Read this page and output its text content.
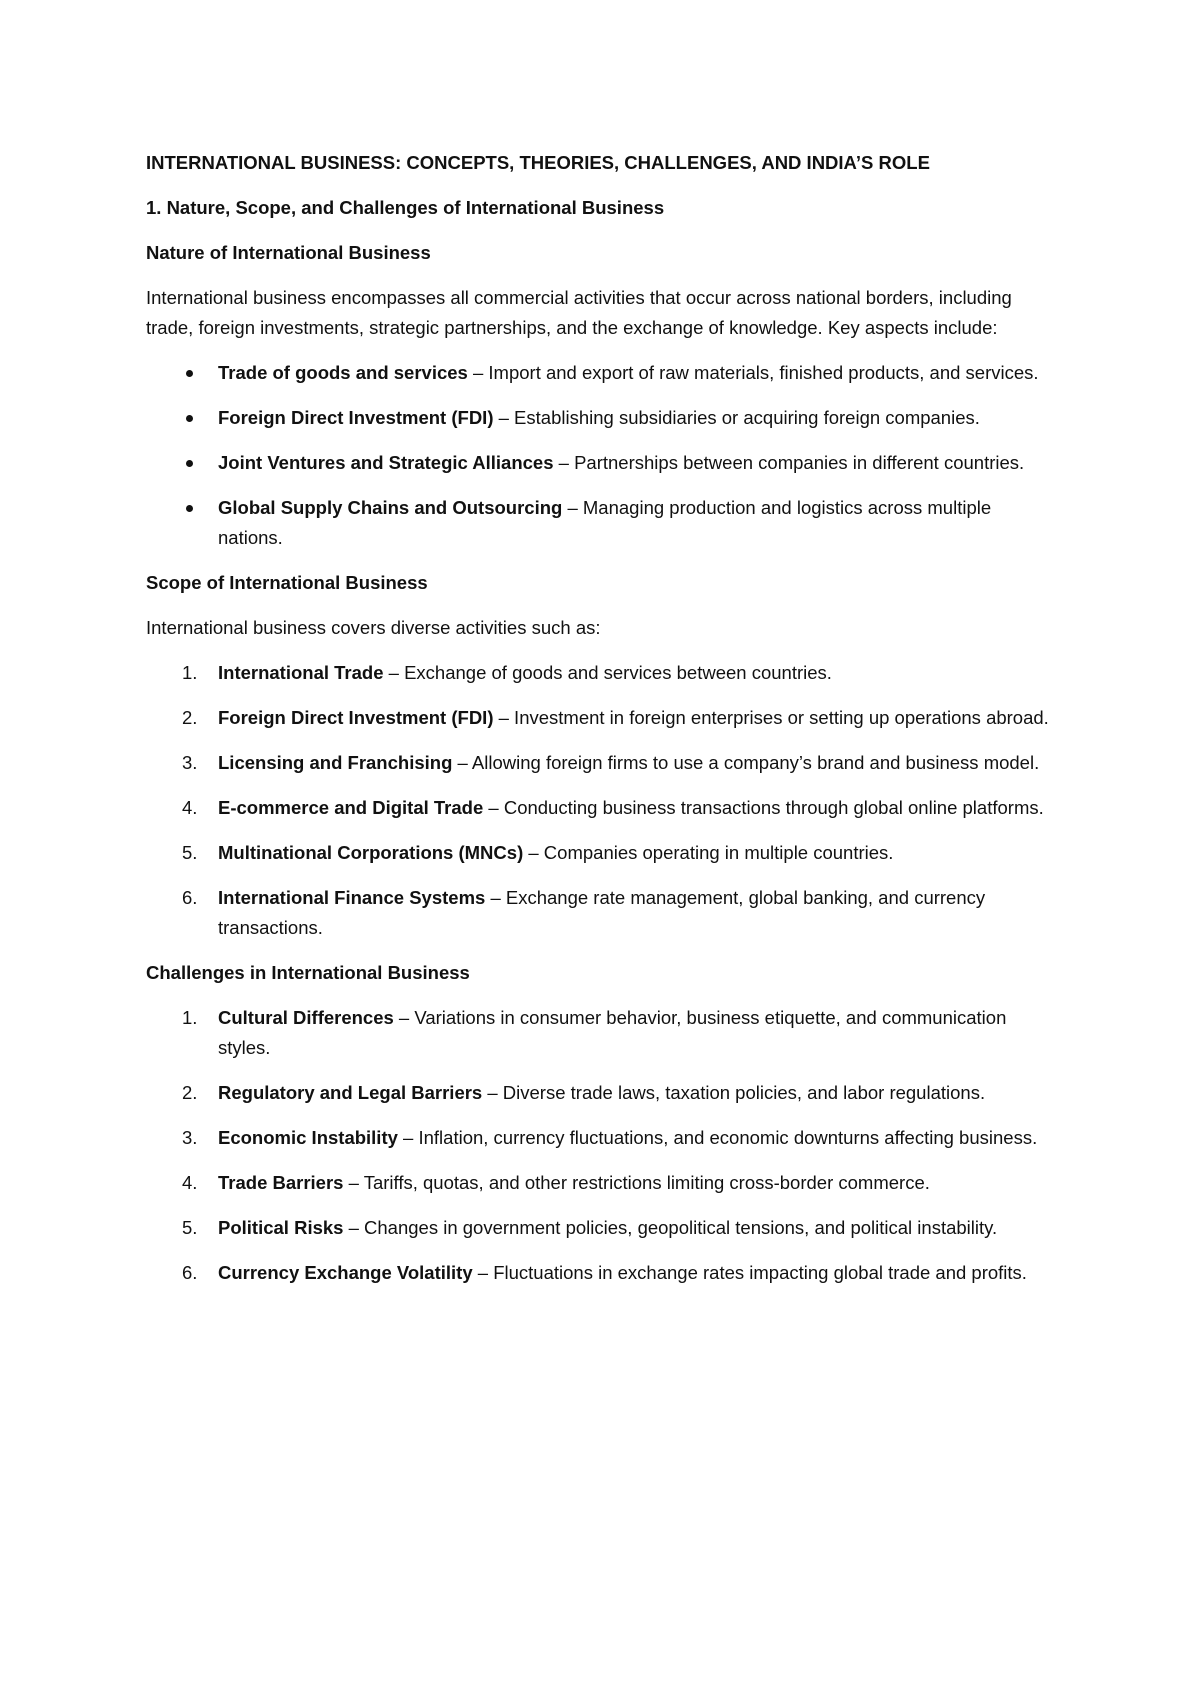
INTERNATIONAL BUSINESS: CONCEPTS, THEORIES, CHALLENGES, AND INDIA’S ROLE
1. Nature, Scope, and Challenges of International Business
Nature of International Business
International business encompasses all commercial activities that occur across national borders, including trade, foreign investments, strategic partnerships, and the exchange of knowledge. Key aspects include:
Trade of goods and services – Import and export of raw materials, finished products, and services.
Foreign Direct Investment (FDI) – Establishing subsidiaries or acquiring foreign companies.
Joint Ventures and Strategic Alliances – Partnerships between companies in different countries.
Global Supply Chains and Outsourcing – Managing production and logistics across multiple nations.
Scope of International Business
International business covers diverse activities such as:
1. International Trade – Exchange of goods and services between countries.
2. Foreign Direct Investment (FDI) – Investment in foreign enterprises or setting up operations abroad.
3. Licensing and Franchising – Allowing foreign firms to use a company’s brand and business model.
4. E-commerce and Digital Trade – Conducting business transactions through global online platforms.
5. Multinational Corporations (MNCs) – Companies operating in multiple countries.
6. International Finance Systems – Exchange rate management, global banking, and currency transactions.
Challenges in International Business
1. Cultural Differences – Variations in consumer behavior, business etiquette, and communication styles.
2. Regulatory and Legal Barriers – Diverse trade laws, taxation policies, and labor regulations.
3. Economic Instability – Inflation, currency fluctuations, and economic downturns affecting business.
4. Trade Barriers – Tariffs, quotas, and other restrictions limiting cross-border commerce.
5. Political Risks – Changes in government policies, geopolitical tensions, and political instability.
6. Currency Exchange Volatility – Fluctuations in exchange rates impacting global trade and profits.
